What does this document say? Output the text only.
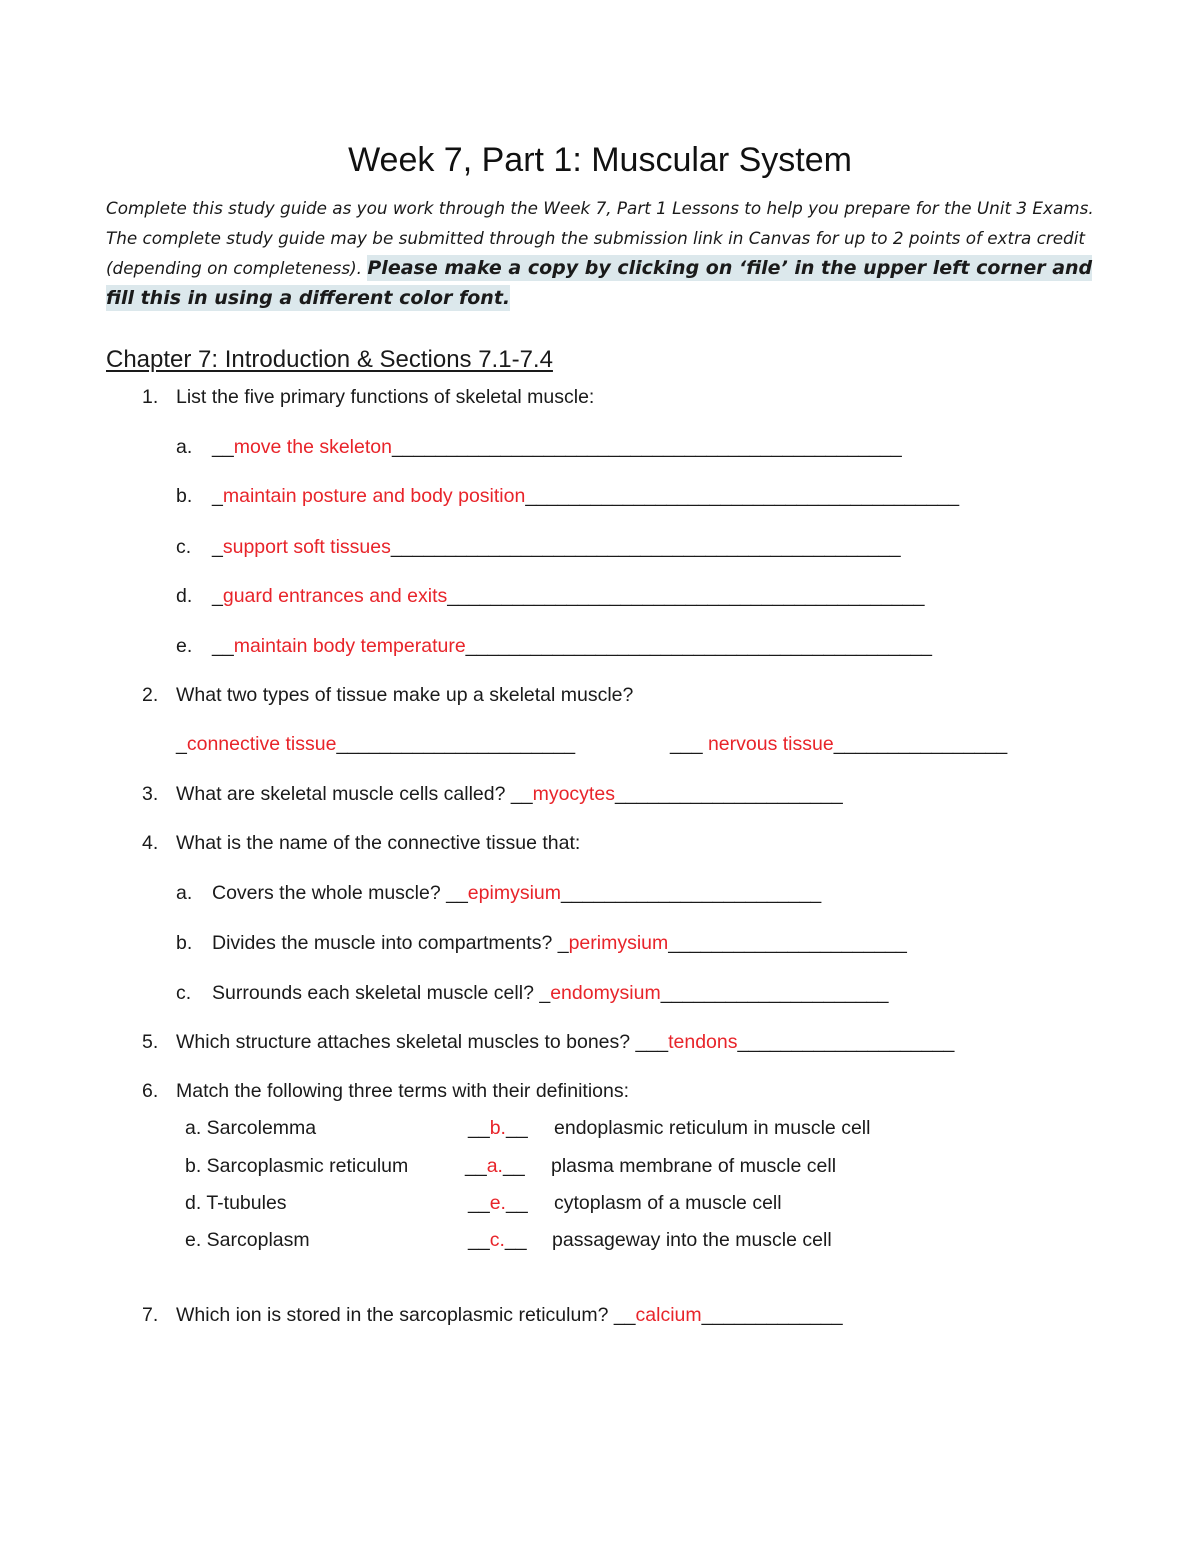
Week 7, Part 1: Muscular System
Complete this study guide as you work through the Week 7, Part 1 Lessons to help you prepare for the Unit 3 Exams. The complete study guide may be submitted through the submission link in Canvas for up to 2 points of extra credit (depending on completeness). Please make a copy by clicking on ‘file’ in the upper left corner and fill this in using a different color font.
Chapter 7: Introduction & Sections 7.1-7.4
1. List the five primary functions of skeletal muscle:
a. __move the skeleton_______________________________________________
b. _maintain posture and body position________________________________________
c. _support soft tissues_______________________________________________
d. _guard entrances and exits____________________________________________
e. __maintain body temperature___________________________________________
2. What two types of tissue make up a skeletal muscle?
_connective tissue______________________	___ nervous tissue________________
3. What are skeletal muscle cells called? __myocytes_____________________
4. What is the name of the connective tissue that:
a. Covers the whole muscle? __epimysium________________________
b. Divides the muscle into compartments? _perimysium______________________
c. Surrounds each skeletal muscle cell? _endomysium_____________________
5. Which structure attaches skeletal muscles to bones? ___tendons____________________
6. Match the following three terms with their definitions:
a. Sarcolemma	__b.__ endoplasmic reticulum in muscle cell
b. Sarcoplasmic reticulum	__a.__ plasma membrane of muscle cell
d. T-tubules	__e.__ cytoplasm of a muscle cell
e. Sarcoplasm	__c.__ passageway into the muscle cell
7. Which ion is stored in the sarcoplasmic reticulum? __calcium_____________
